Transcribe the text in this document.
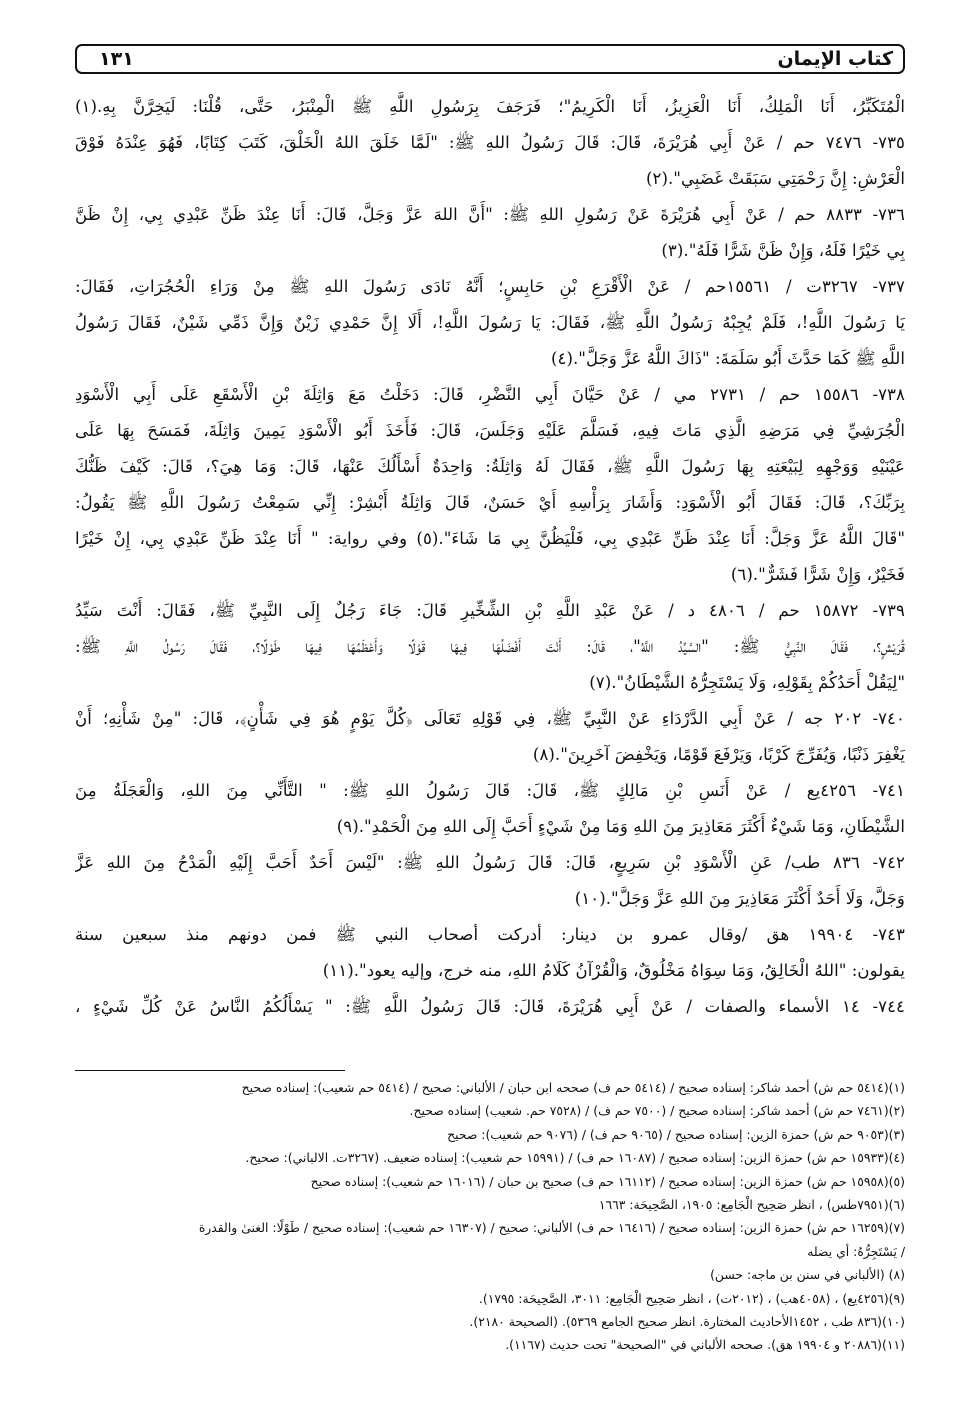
كتاب الإيمان
١٣١
الْمُتَكَبِّرُ، أَنَا الْمَلِكُ، أَنَا الْعَزِيزُ، أَنَا الْكَرِيمُ"؛ فَرَجَفَ بِرَسُولِ اللَّهِ ﷺ الْمِنْبَرُ، حَتَّى، قُلْنَا: لَيَخِرَّنَّ بِهِ.(١)
٧٣٥- ٧٤٧٦ حم / عَنْ أَبِي هُرَيْرَةَ، قَالَ: قَالَ رَسُولُ اللهِ ﷺ: "لَمَّا خَلَقَ اللهُ الْخَلْقَ، كَتَبَ كِتَابًا، فَهُوَ عِنْدَهُ فَوْقَ
الْعَرْشِ: إِنَّ رَحْمَتِي سَبَقَتْ غَضَبِي".(٢)
٧٣٦- ٨٨٣٣ حم / عَنْ أَبِي هُرَيْرَةَ عَنْ رَسُولِ اللهِ ﷺ: "أَنَّ اللهَ عَزَّ وَجَلَّ، قَالَ: أَنَا عِنْدَ ظَنِّ عَبْدِي بِي، إِنْ ظَنَّ
بِي خَيْرًا فَلَهُ، وَإِنْ ظَنَّ شَرًّا فَلَهُ".(٣)
٧٣٧- ٣٢٦٧ت / ١٥٥٦١حم / عَنْ الْأَقْرَعِ بْنِ حَابِسٍ؛ أَنَّهُ نَادَى رَسُولَ اللهِ ﷺ مِنْ وَرَاءِ الْحُجُرَاتِ، فَقَالَ:
يَا رَسُولَ اللَّهِ!، فَلَمْ يُجِبْهُ رَسُولُ اللَّهِ ﷺ، فَقَالَ: يَا رَسُولَ اللَّهِ!، أَلَا إِنَّ حَمْدِي زَيْنٌ وَإِنَّ ذَمِّي شَيْنٌ، فَقَالَ رَسُولُ
اللَّهِ ﷺ كَمَا حَدَّثَ أَبُو سَلَمَةَ: "ذَاكَ اللَّهُ عَزَّ وَجَلَّ".(٤)
٧٣٨- ١٥٥٨٦ حم / ٢٧٣١ مي / عَنْ حَيَّانَ أَبِي النَّضْرِ، قَالَ: دَخَلْتُ مَعَ وَاثِلَةَ بْنِ الْأَسْقَعِ عَلَى أَبِي الْأَسْوَدِ
الْجُرَشِيِّ فِي مَرَضِهِ الَّذِي مَاتَ فِيهِ، فَسَلَّمَ عَلَيْهِ وَجَلَسَ، قَالَ: فَأَخَذَ أَبُو الْأَسْوَدِ يَمِينَ وَاثِلَةَ، فَمَسَحَ بِهَا عَلَى
عَيْنَيْهِ وَوَجْهِهِ لِبَيْعَتِهِ بِهَا رَسُولَ اللَّهِ ﷺ، فَقَالَ لَهُ وَاثِلَةُ: وَاحِدَةٌ أَسْأَلُكَ عَنْهَا، قَالَ: وَمَا هِيَ؟، قَالَ: كَيْفَ ظَنُّكَ
بِرَبِّكَ؟، قَالَ: فَقَالَ أَبُو الْأَسْوَدِ: وَأَشَارَ بِرَأْسِهِ أَيْ حَسَنٌ، قَالَ وَاثِلَةُ أَبْشِرْ: إِنِّي سَمِعْتُ رَسُولَ اللَّهِ ﷺ يَقُولُ:
"قَالَ اللَّهُ عَزَّ وَجَلَّ: أَنَا عِنْدَ ظَنِّ عَبْدِي بِي، فَلْيَظُنَّ بِي مَا شَاءَ".(٥) وفي رواية: " أَنَا عِنْدَ ظَنِّ عَبْدِي بِي، إِنْ خَيْرًا
فَخَيْرٌ، وَإِنْ شَرًّا فَشَرٌّ".(٦)
٧٣٩- ١٥٨٧٢ حم / ٤٨٠٦ د / عَنْ عَبْدِ اللَّهِ بْنِ الشِّخِّيرِ قَالَ: جَاءَ رَجُلٌ إِلَى النَّبِيِّ ﷺ، فَقَالَ: أَنْتَ سَيِّدُ
قُرَيْشٍ؟، فَقَالَ النَّبِيُّ ﷺ: "السَّيِّدُ اللَّهُ"، قَالَ: أَنْتَ أَفْضَلُهَا فِيهَا قَوْلًا وَأَعْظَمُهَا فِيهَا طَوْلًا؟، فَقَالَ رَسُولُ اللَّهِ ﷺ:
"لِيَقُلْ أَحَدُكُمْ بِقَوْلِهِ، وَلَا يَسْتَجِرُّهُ الشَّيْطَانُ".(٧)
٧٤٠- ٢٠٢ جه / عَنْ أَبِي الدَّرْدَاءِ عَنْ النَّبِيِّ ﷺ، فِي قَوْلِهِ تَعَالَى ﴿كُلَّ يَوْمٍ هُوَ فِي شَأْنٍ﴾، قَالَ: "مِنْ شَأْنِهِ؛ أَنْ
يَغْفِرَ ذَنْبًا، وَيُفَرِّجَ كَرْبًا، وَيَرْفَعَ قَوْمًا، وَيَخْفِضَ آخَرِينَ".(٨)
٧٤١- ٤٢٥٦يع / عَنْ أَنَسِ بْنِ مَالِكٍ ﷺ، قَالَ: قَالَ رَسُولُ اللهِ ﷺ: " التَّأَنِّي مِنَ اللهِ، وَالْعَجَلَةُ مِنَ
الشَّيْطَانِ، وَمَا شَيْءٌ أَكْثَرَ مَعَاذِيرَ مِنَ اللهِ وَمَا مِنْ شَيْءٍ أَحَبَّ إِلَى اللهِ مِنَ الْحَمْدِ".(٩)
٧٤٢- ٨٣٦ طب/ عَنِ الْأَسْوَدِ بْنِ سَرِيعٍ، قَالَ: قَالَ رَسُولُ اللهِ ﷺ: "لَيْسَ أَحَدٌ أَحَبَّ إِلَيْهِ الْمَدْحُ مِنَ اللهِ عَزَّ
وَجَلَّ، وَلَا أَحَدٌ أَكْثَرَ مَعَاذِيرَ مِنَ اللهِ عَزَّ وَجَلَّ".(١٠)
٧٤٣- ١٩٩٠٤ هق /وقال عمرو بن دينار: أدركت أصحاب النبي ﷺ فمن دونهم منذ سبعين سنة
يقولون: "اللهُ الْخَالِقُ، وَمَا سِوَاهُ مَخْلُوقٌ، وَالْقُرْآنُ كَلَامُ اللهِ، منه خرج، وإليه يعود".(١١)
٧٤٤- ١٤ الأسماء والصفات / عَنْ أَبِي هُرَيْرَةَ، قَالَ: قَالَ رَسُولُ اللَّهِ ﷺ: " يَسْأَلُكُمُ النَّاسُ عَنْ كُلِّ شَيْءٍ ،
(١)(٥٤١٤ حم ش) أحمد شاكر: إسناده صحيح / (٥٤١٤ حم ف) صححه ابن حبان / الألباني: صحيح / (٥٤١٤ حم شعيب): إسناده صحيح
(٢)(٧٤٦١ حم ش) أحمد شاكر: إسناده صحيح / (٧٥٠٠ حم ف) / (٧٥٢٨ حم. شعيب) إسناده صحيح.
(٣)(٩٠٥٣ حم ش) حمزة الزين: إسناده صحيح / (٩٠٦٥ حم ف) / (٩٠٧٦ حم شعيب): صحيح
(٤)(١٥٩٣٣ حم ش) حمزة الزين: إسناده صحيح / (١٦٠٨٧ حم ف) / (١٥٩٩١ حم شعيب): إسناده ضعيف. (٣٢٦٧ت. الالباني): صحيح.
(٥)(١٥٩٥٨ حم ش) حمزة الزين: إسناده صحيح / (١٦١١٢ حم ف) صحيح بن حبان / (١٦٠١٦ حم شعيب): إسناده صحيح
(٦)(٧٩٥١طس) ، انظر صَحِيح الْجَامِع: ١٩٠٥، الصَّحِيحَة: ١٦٦٣
(٧)(١٦٢٥٩ حم ش) حمزة الزين: إسناده صحيح / (١٦٤١٦ حم ف) الألباني: صحيح / (١٦٣٠٧ حم شعيب): إسناده صحيح / طَوْلًا: الغنىٰ والقدرة
/ يَسْتَجِرُّهُ: أي يضله
(٨) (الألباني في سنن بن ماجه: حسن)
(٩)(٤٢٥٦يع) ، (٤٠٥٨هب) ، (٢٠١٢ت) ، انظر صَحِيح الْجَامِع: ٣٠١١، الصَّحِيحَة: ١٧٩٥).
(١٠)(٨٣٦ طب ، ١٤٥٢الأحاديث المختارة. انظر صحيح الجامع ٥٣٦٩). (الصحيحة ٢١٨٠).
(١١)(٢٠٨٨٦ و ١٩٩٠٤ هق). صححه الألباني في "الصحيحة" تحت حديث (١١٦٧).
